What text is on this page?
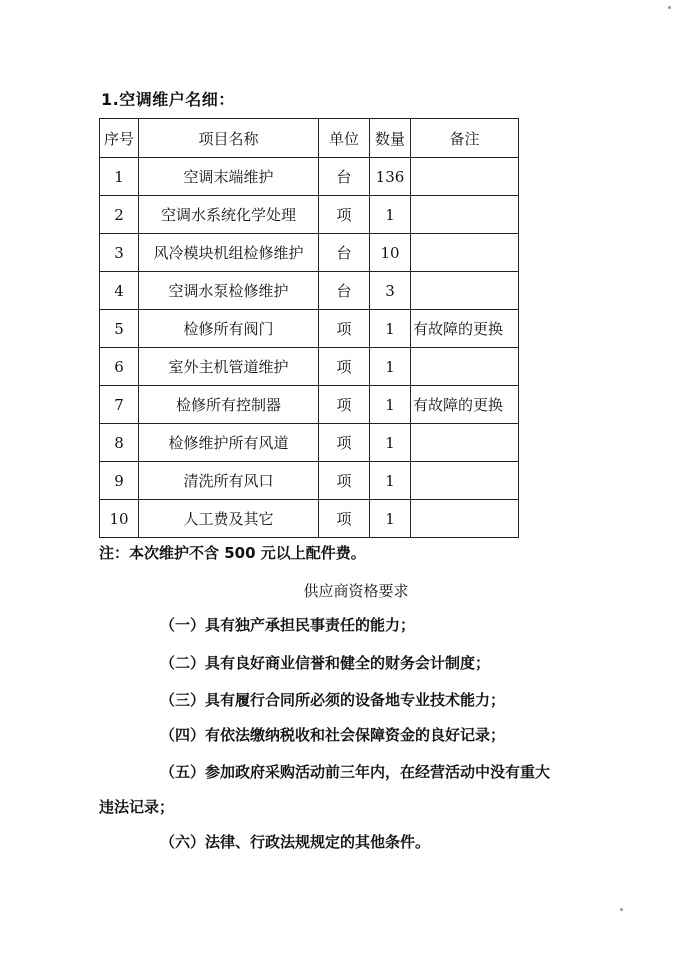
1.空调维户名细：
序号	项目名称	单位	数量	备注
1	空调末端维护	台	136	
2	空调水系统化学处理	项	1	
3	风冷模块机组检修维护	台	10	
4	空调水泵检修维护	台	3	
5	检修所有阀门	项	1	有故障的更换
6	室外主机管道维护	项	1	
7	检修所有控制器	项	1	有故障的更换
8	检修维护所有风道	项	1	
9	清洗所有风口	项	1	
10	人工费及其它	项	1	
注：本次维护不含 500 元以上配件费。
供应商资格要求
（一）具有独产承担民事责任的能力；
（二）具有良好商业信誉和健全的财务会计制度；
（三）具有履行合同所必须的设备地专业技术能力；
（四）有依法缴纳税收和社会保障资金的良好记录；
（五）参加政府采购活动前三年内，在经营活动中没有重大
违法记录；
（六）法律、行政法规规定的其他条件。
